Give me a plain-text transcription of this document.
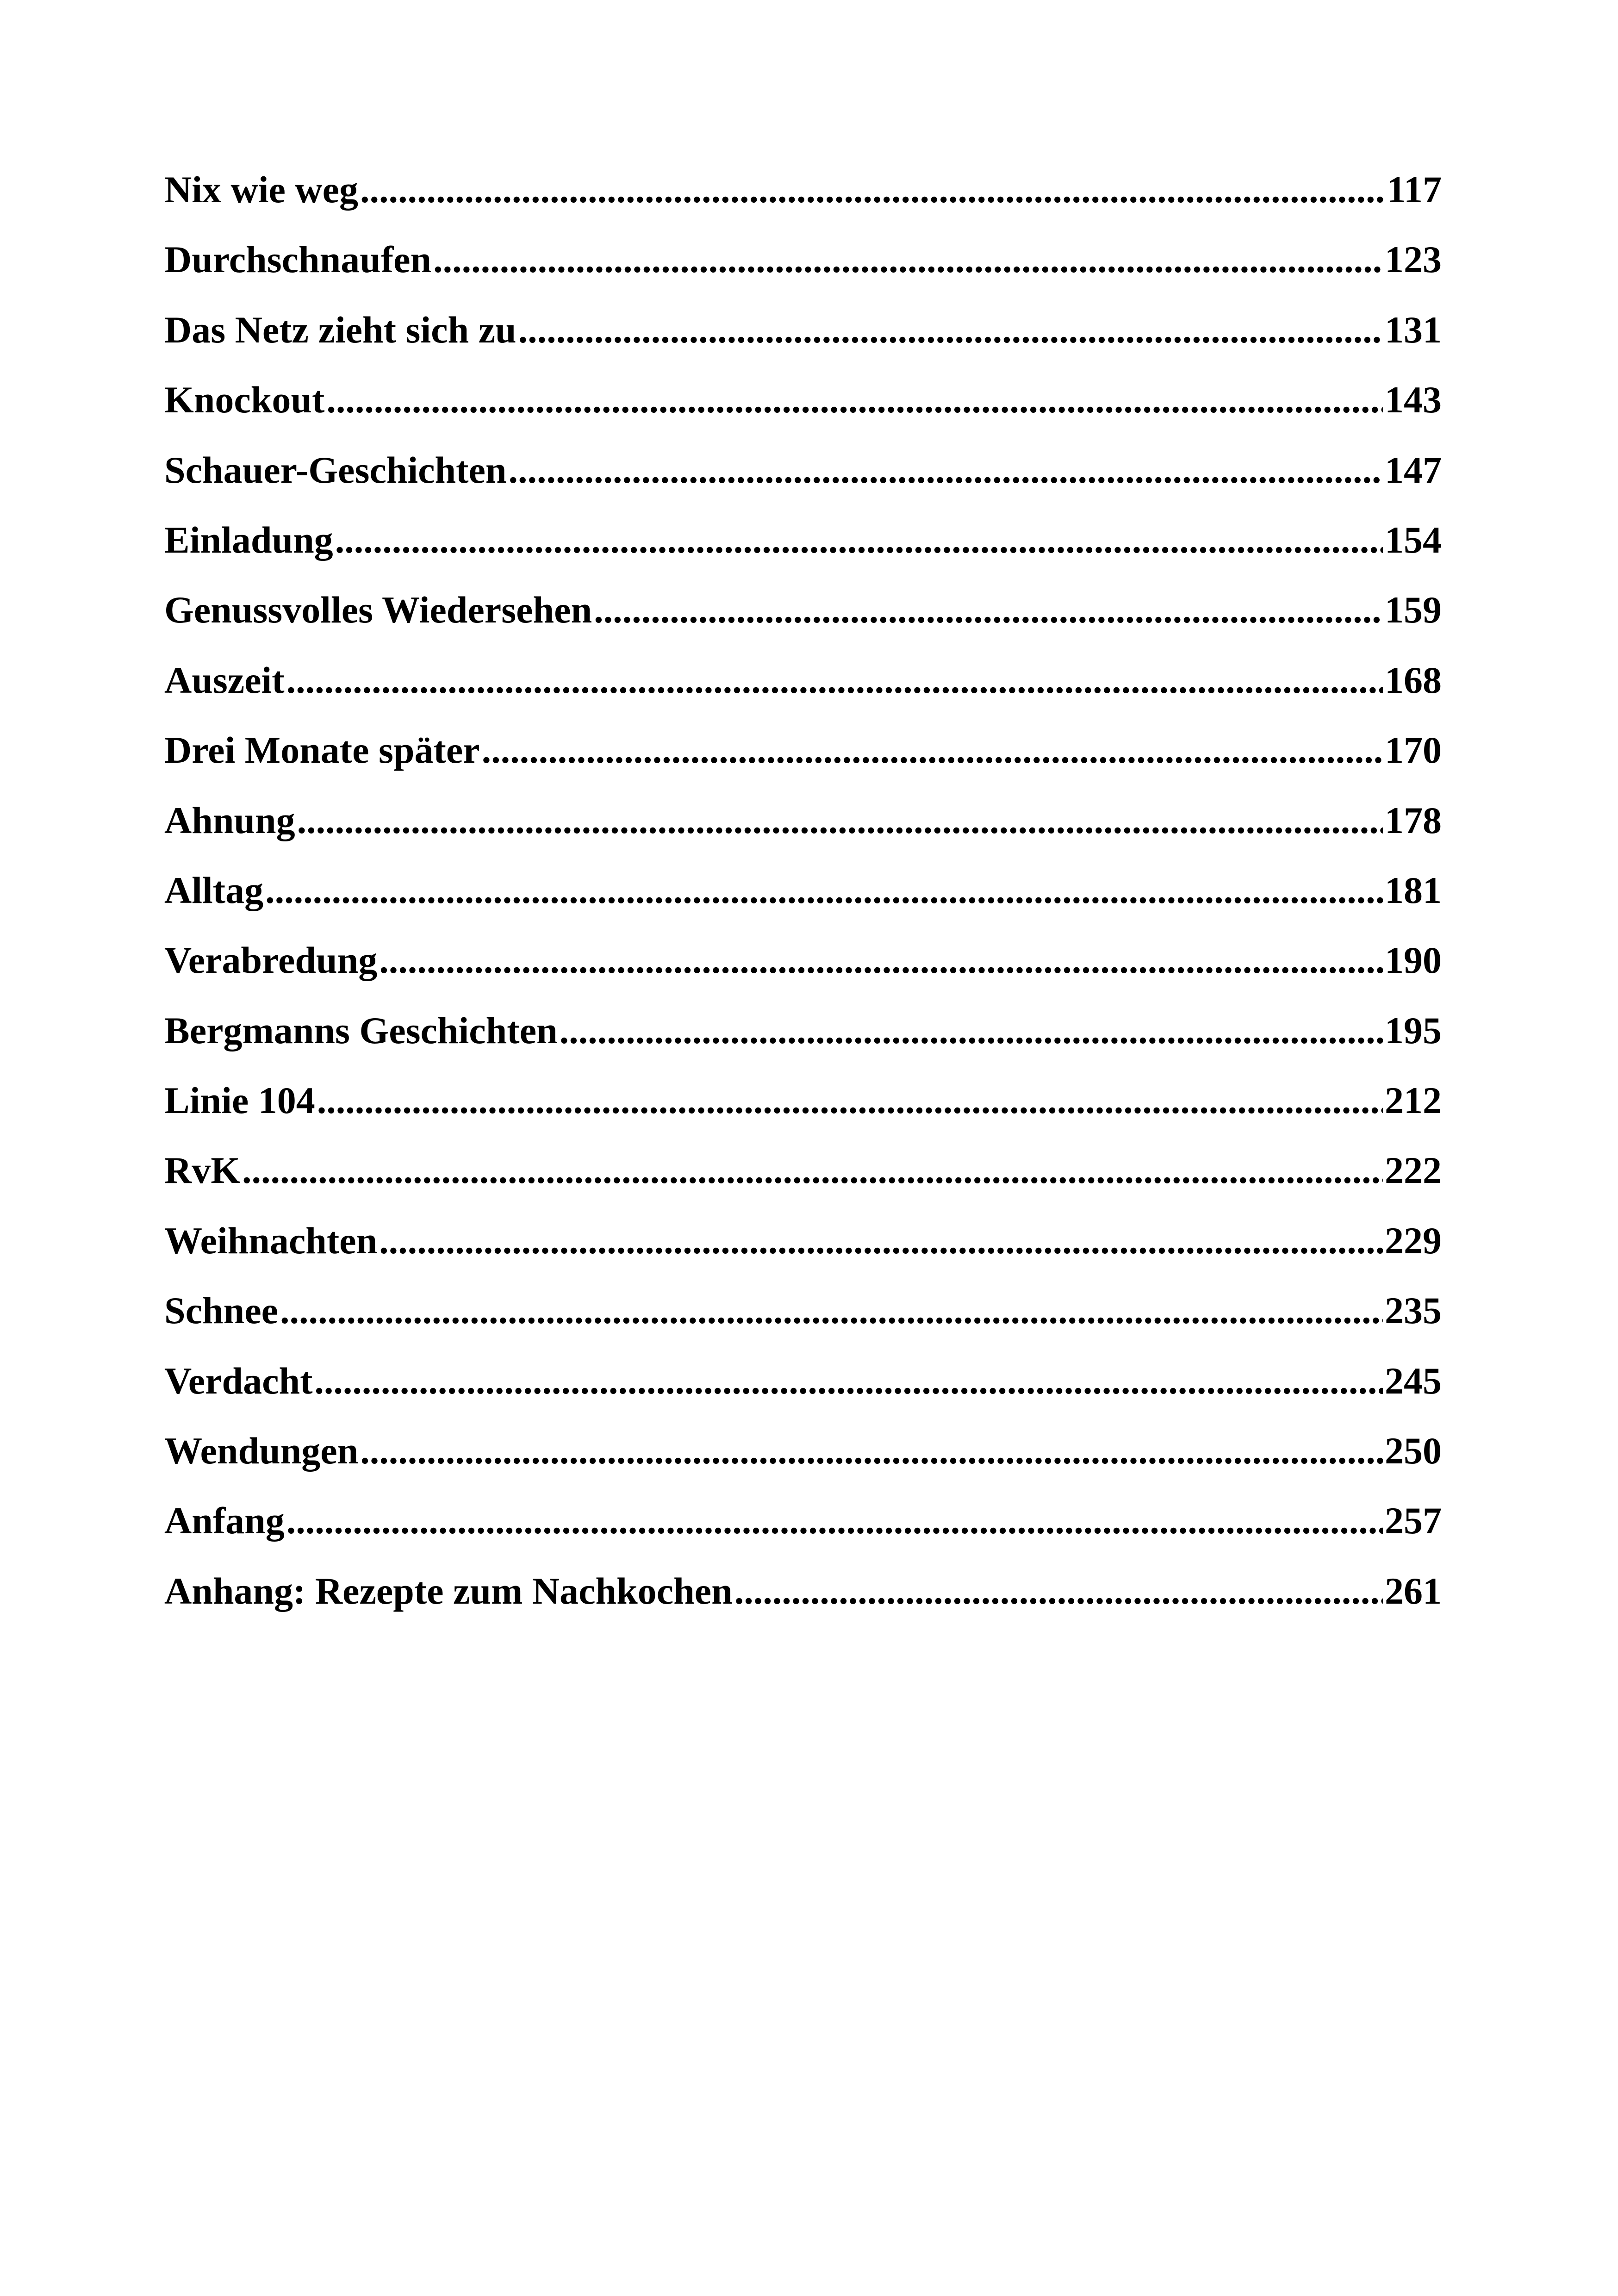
Nix wie weg .....	117
Durchschnaufen .....	123
Das Netz zieht sich zu .....	131
Knockout .....	143
Schauer-Geschichten .....	147
Einladung .....	154
Genussvolles Wiedersehen .....	159
Auszeit .....	168
Drei Monate später .....	170
Ahnung .....	178
Alltag .....	181
Verabredung .....	190
Bergmanns Geschichten .....	195
Linie 104 .....	212
RvK .....	222
Weihnachten .....	229
Schnee .....	235
Verdacht .....	245
Wendungen .....	250
Anfang .....	257
Anhang: Rezepte zum Nachkochen .....	261
